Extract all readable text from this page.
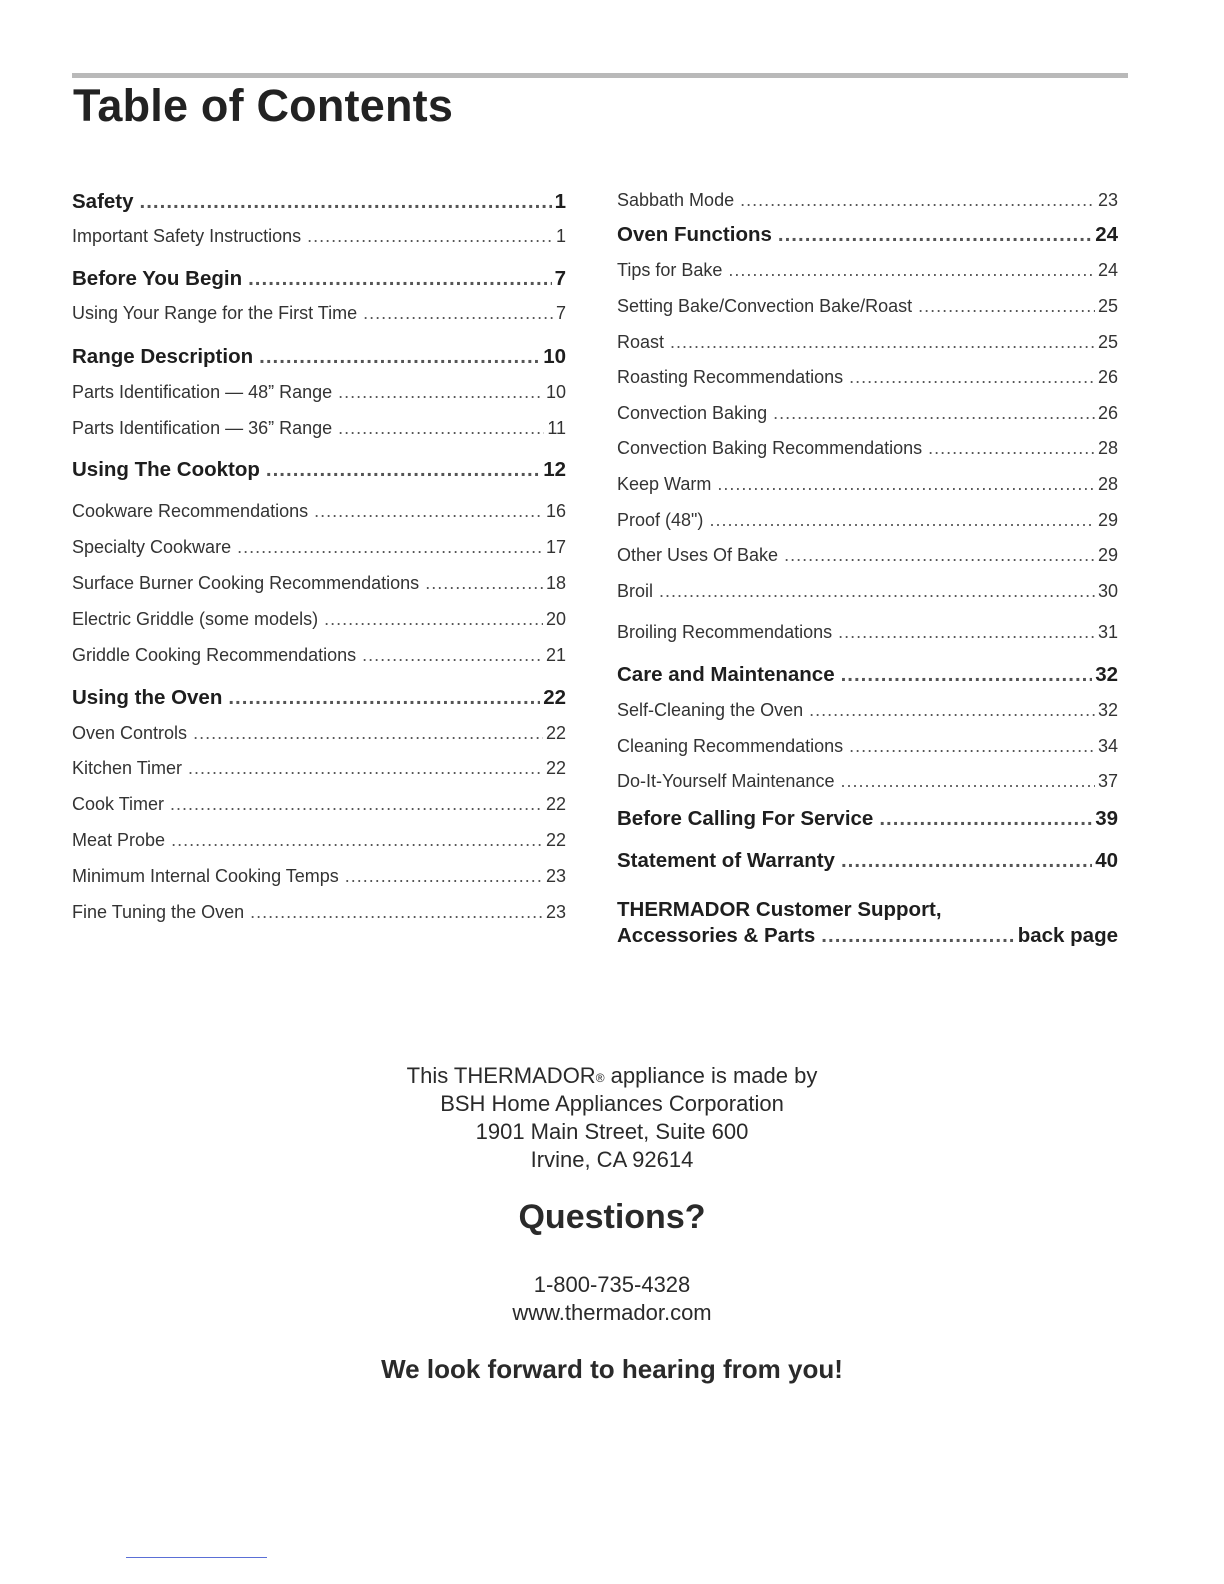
Table of Contents
Safety .....	1
Important Safety Instructions .....	1
Before You Begin .....	7
Using Your Range for the First Time .....	7
Range Description .....	10
Parts Identification — 48” Range .....	10
Parts Identification — 36” Range .....	11
Using The Cooktop .....	12
Cookware Recommendations .....	16
Specialty Cookware .....	17
Surface Burner Cooking Recommendations .....	18
Electric Griddle (some models) .....	20
Griddle Cooking Recommendations .....	21
Using the Oven .....	22
Oven Controls .....	22
Kitchen Timer .....	22
Cook Timer .....	22
Meat Probe .....	22
Minimum Internal Cooking Temps .....	23
Fine Tuning the Oven .....	23
Sabbath Mode .....	23
Oven Functions .....	24
Tips for Bake .....	24
Setting Bake/Convection Bake/Roast .....	25
Roast .....	25
Roasting Recommendations .....	26
Convection Baking .....	26
Convection Baking Recommendations .....	28
Keep Warm .....	28
Proof (48") .....	29
Other Uses Of Bake .....	29
Broil .....	30
Broiling Recommendations .....	31
Care and Maintenance .....	32
Self-Cleaning the Oven .....	32
Cleaning Recommendations .....	34
Do-It-Yourself Maintenance .....	37
Before Calling For Service .....	39
Statement of Warranty .....	40
THERMADOR Customer Support,
Accessories & Parts .....	back page
This THERMADOR® appliance is made by
BSH Home Appliances Corporation
1901 Main Street, Suite 600
Irvine, CA 92614
Questions?
1-800-735-4328
www.thermador.com
We look forward to hearing from you!
